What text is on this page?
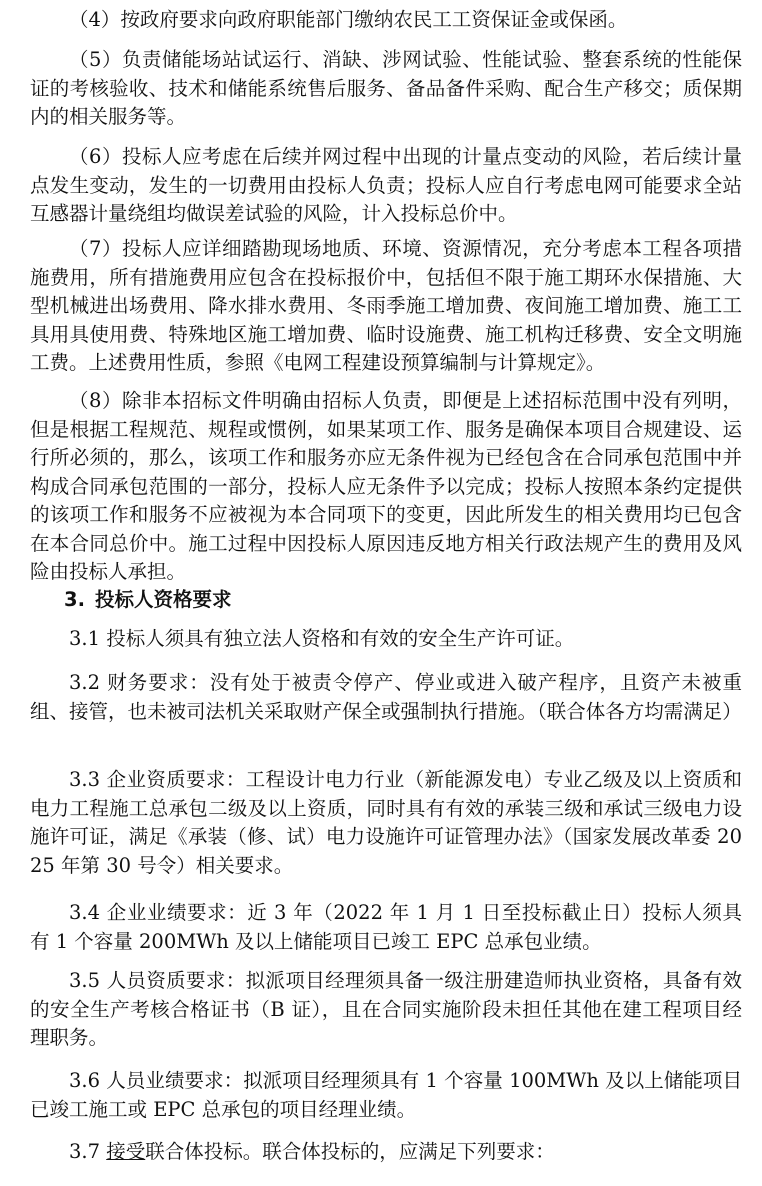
（4）按政府要求向政府职能部门缴纳农民工工资保证金或保函。

（5）负责储能场站试运行、消缺、涉网试验、性能试验、整套系统的性能保证的考核验收、技术和储能系统售后服务、备品备件采购、配合生产移交；质保期内的相关服务等。

（6）投标人应考虑在后续并网过程中出现的计量点变动的风险，若后续计量点发生变动，发生的一切费用由投标人负责；投标人应自行考虑电网可能要求全站互感器计量绕组均做误差试验的风险，计入投标总价中。

（7）投标人应详细踏勘现场地质、环境、资源情况，充分考虑本工程各项措施费用，所有措施费用应包含在投标报价中，包括但不限于施工期环水保措施、大型机械进出场费用、降水排水费用、冬雨季施工增加费、夜间施工增加费、施工工具用具使用费、特殊地区施工增加费、临时设施费、施工机构迁移费、安全文明施工费。上述费用性质，参照《电网工程建设预算编制与计算规定》。

（8）除非本招标文件明确由招标人负责，即便是上述招标范围中没有列明，但是根据工程规范、规程或惯例，如果某项工作、服务是确保本项目合规建设、运行所必须的，那么，该项工作和服务亦应无条件视为已经包含在合同承包范围中并构成合同承包范围的一部分，投标人应无条件予以完成；投标人按照本条约定提供的该项工作和服务不应被视为本合同项下的变更，因此所发生的相关费用均已包含在本合同总价中。施工过程中因投标人原因违反地方相关行政法规产生的费用及风险由投标人承担。

3. 投标人资格要求

3.1 投标人须具有独立法人资格和有效的安全生产许可证。

3.2 财务要求：没有处于被责令停产、停业或进入破产程序，且资产未被重组、接管，也未被司法机关采取财产保全或强制执行措施。（联合体各方均需满足）

3.3 企业资质要求：工程设计电力行业（新能源发电）专业乙级及以上资质和电力工程施工总承包二级及以上资质，同时具有有效的承装三级和承试三级电力设施许可证，满足《承装（修、试）电力设施许可证管理办法》（国家发展改革委 2025 年第 30 号令）相关要求。

3.4 企业业绩要求：近 3 年（2022 年 1 月 1 日至投标截止日）投标人须具有 1 个容量 200MWh 及以上储能项目已竣工 EPC 总承包业绩。

3.5 人员资质要求：拟派项目经理须具备一级注册建造师执业资格，具备有效的安全生产考核合格证书（B 证），且在合同实施阶段未担任其他在建工程项目经理职务。

3.6 人员业绩要求：拟派项目经理须具有 1 个容量 100MWh 及以上储能项目已竣工施工或 EPC 总承包的项目经理业绩。

3.7 接受联合体投标。联合体投标的，应满足下列要求：
